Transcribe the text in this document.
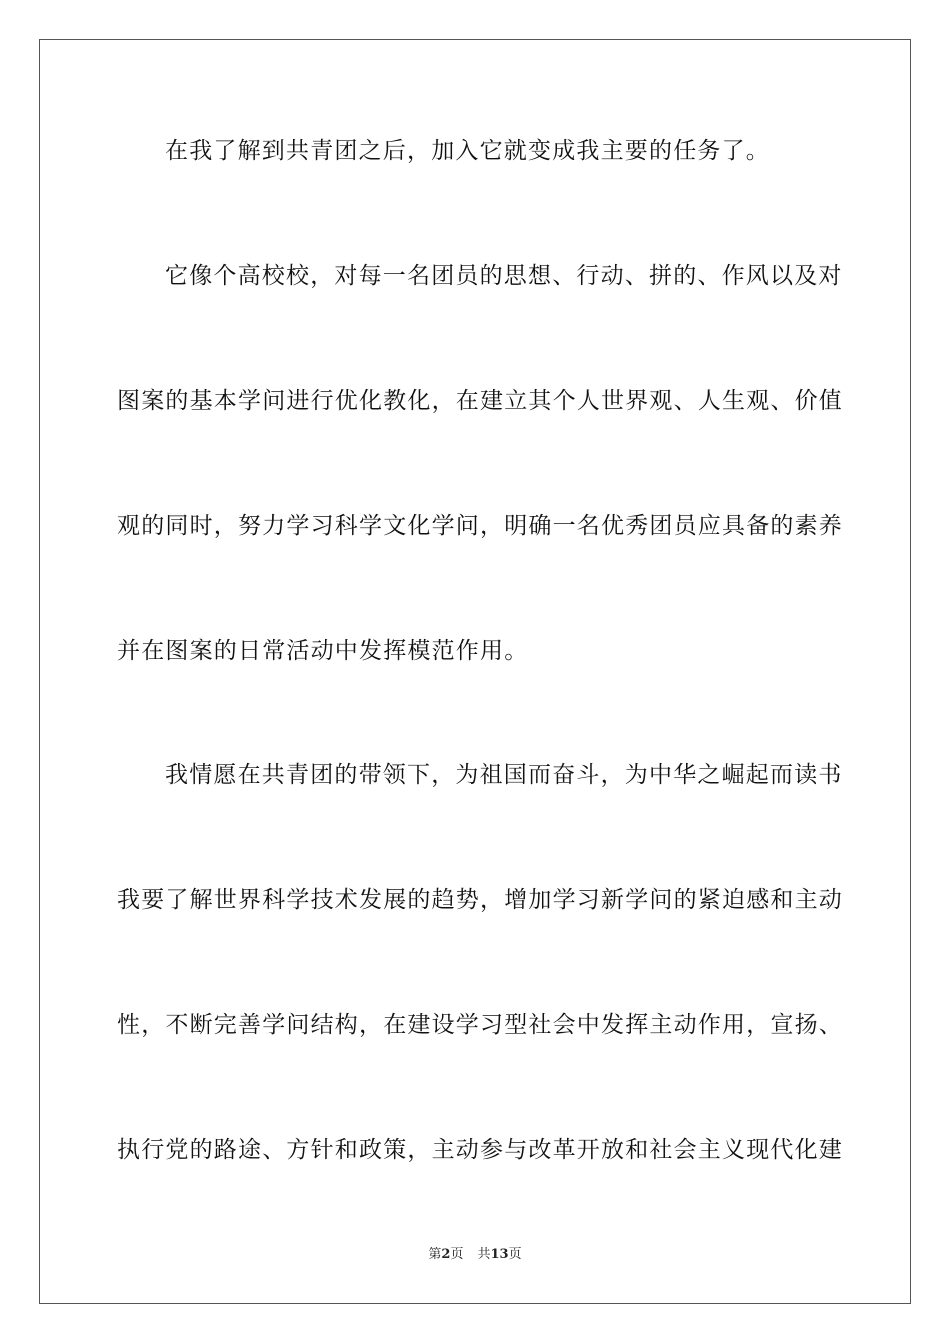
在我了解到共青团之后，加入它就变成我主要的任务了。
它像个高校校，对每一名团员的思想、行动、拼的、作风以及对
图案的基本学问进行优化教化，在建立其个人世界观、人生观、价值
观的同时，努力学习科学文化学问，明确一名优秀团员应具备的素养
并在图案的日常活动中发挥模范作用。
我情愿在共青团的带领下，为祖国而奋斗，为中华之崛起而读书
我要了解世界科学技术发展的趋势，增加学习新学问的紧迫感和主动
性，不断完善学问结构，在建设学习型社会中发挥主动作用，宣扬、
执行党的路途、方针和政策，主动参与改革开放和社会主义现代化建
第2页 共13页
